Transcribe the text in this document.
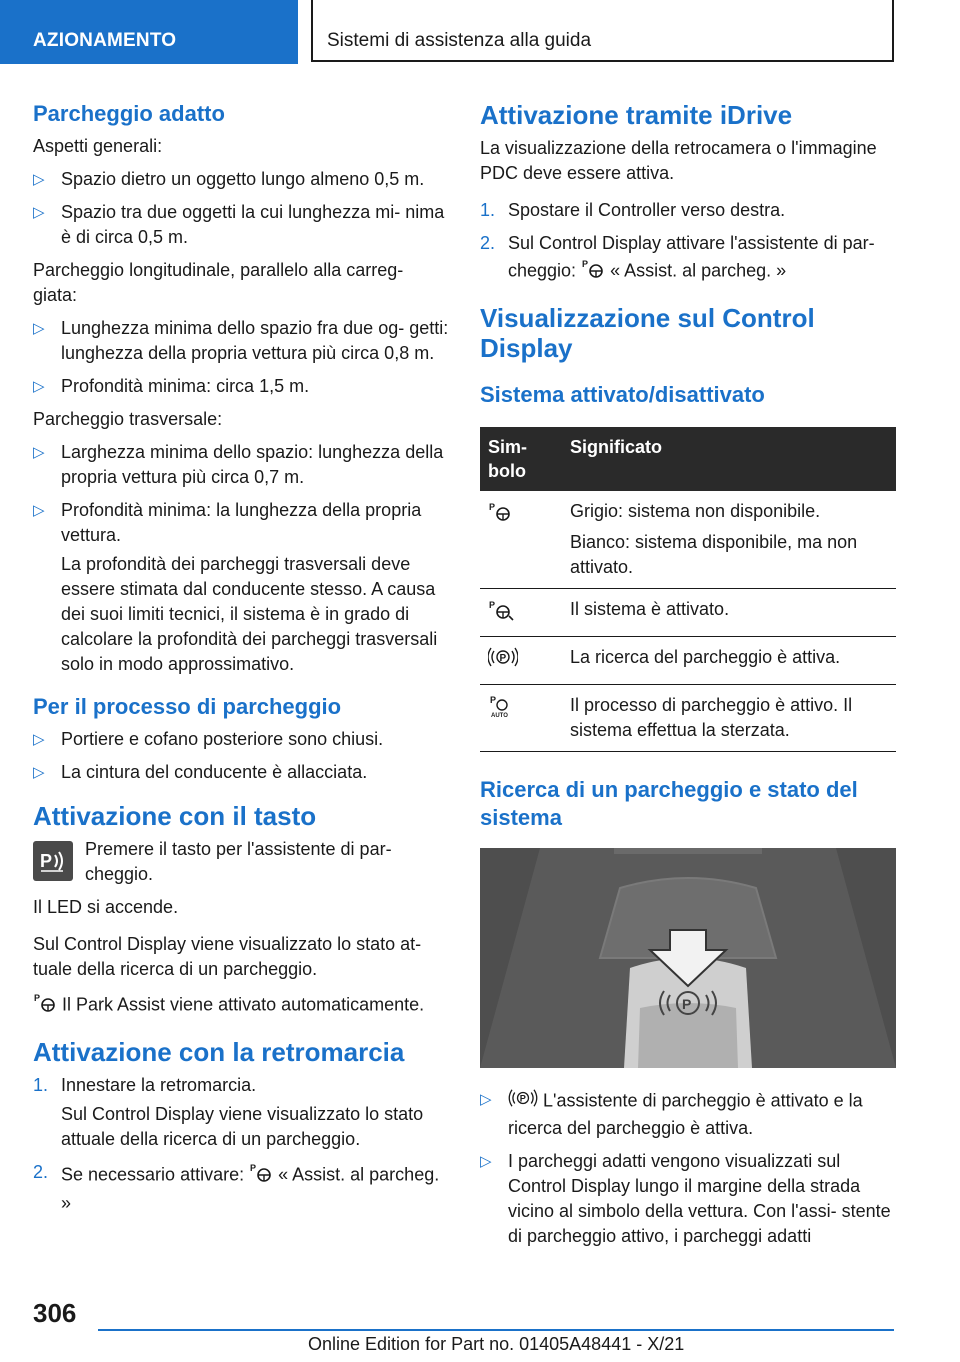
AZIONAMENTO	Sistemi di assistenza alla guida
Parcheggio adatto
Aspetti generali:
▷ Spazio dietro un oggetto lungo almeno 0,5 m.
▷ Spazio tra due oggetti la cui lunghezza mi- nima è di circa 0,5 m.
Parcheggio longitudinale, parallelo alla carreg- giata:
▷ Lunghezza minima dello spazio fra due og- getti: lunghezza della propria vettura più circa 0,8 m.
▷ Profondità minima: circa 1,5 m.
Parcheggio trasversale:
▷ Larghezza minima dello spazio: lunghezza della propria vettura più circa 0,7 m.
▷ Profondità minima: la lunghezza della propria vettura.
La profondità dei parcheggi trasversali deve essere stimata dal conducente stesso. A causa dei suoi limiti tecnici, il sistema è in grado di calcolare la profondità dei parcheggi trasversali solo in modo approssimativo.
Per il processo di parcheggio
▷ Portiere e cofano posteriore sono chiusi.
▷ La cintura del conducente è allacciata.
Attivazione con il tasto
P
Premere il tasto per l'assistente di par- cheggio.
Il LED si accende.
Sul Control Display viene visualizzato lo stato at- tuale della ricerca di un parcheggio.
P Il Park Assist viene attivato automaticamente.
Attivazione con la retromarcia
1. Innestare la retromarcia.
Sul Control Display viene visualizzato lo stato attuale della ricerca di un parcheggio.
2. Se necessario attivare: P « Assist. al parcheg. »
Attivazione tramite iDrive
La visualizzazione della retrocamera o l'immagine PDC deve essere attiva.
1. Spostare il Controller verso destra.
2. Sul Control Display attivare l'assistente di par- cheggio: P « Assist. al parcheg. »
Visualizzazione sul Control Display
Sistema attivato/disattivato
Sim- bolo	Significato

P	Grigio: sistema non disponibile.

Bianco: sistema disponibile, ma non attivato.

P	Il sistema è attivato.

P	La ricerca del parcheggio è attiva.

P
AUTO	Il processo di parcheggio è attivo. Il sistema effettua la sterzata.
Ricerca di un parcheggio e stato del sistema
P
▷	P L'assistente di parcheggio è attivato e la ricerca del parcheggio è attiva.
▷ I parcheggi adatti vengono visualizzati sul Control Display lungo il margine della strada vicino al simbolo della vettura. Con l'assi- stente di parcheggio attivo, i parcheggi adatti
306
Online Edition for Part no. 01405A48441 - X/21
